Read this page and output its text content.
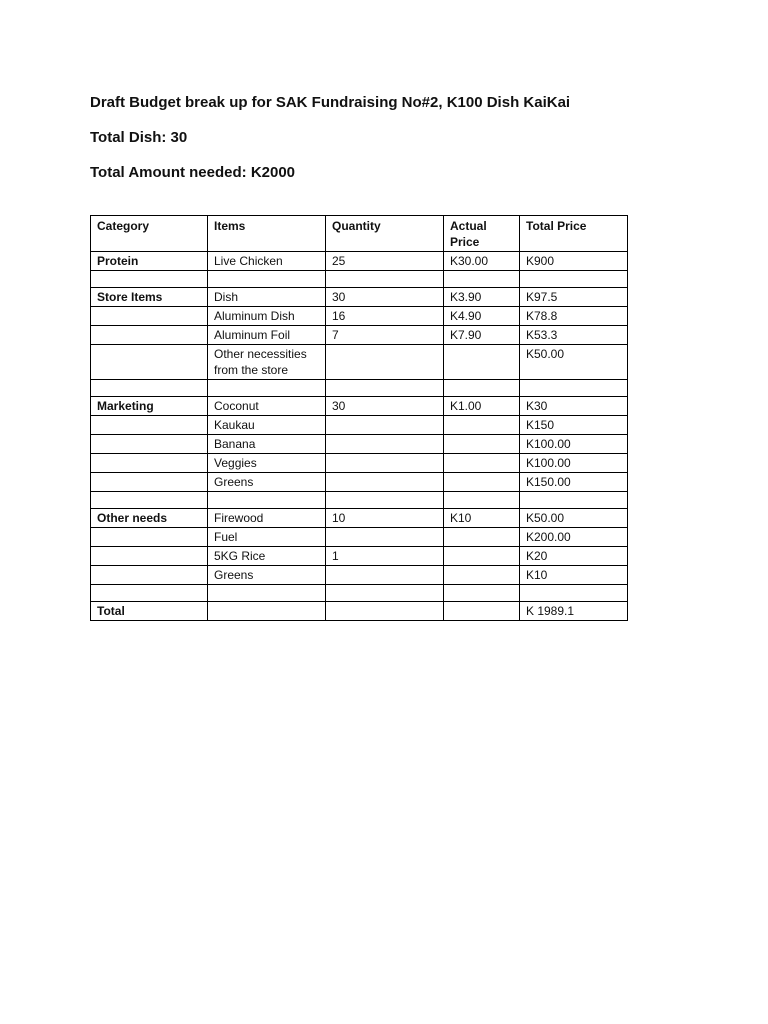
Draft Budget break up for SAK Fundraising No#2, K100 Dish KaiKai

Total Dish: 30

Total Amount needed: K2000

Category	Items	Quantity	Actual Price	Total Price
Protein	Live Chicken	25	K30.00	K900

Store Items	Dish	30	K3.90	K97.5
	Aluminum Dish	16	K4.90	K78.8
	Aluminum Foil	7	K7.90	K53.3
	Other necessities from the store			K50.00

Marketing	Coconut	30	K1.00	K30
	Kaukau			K150
	Banana			K100.00
	Veggies			K100.00
	Greens			K150.00

Other needs	Firewood	10	K10	K50.00
	Fuel			K200.00
	5KG Rice	1		K20
	Greens			K10

Total				K 1989.1
